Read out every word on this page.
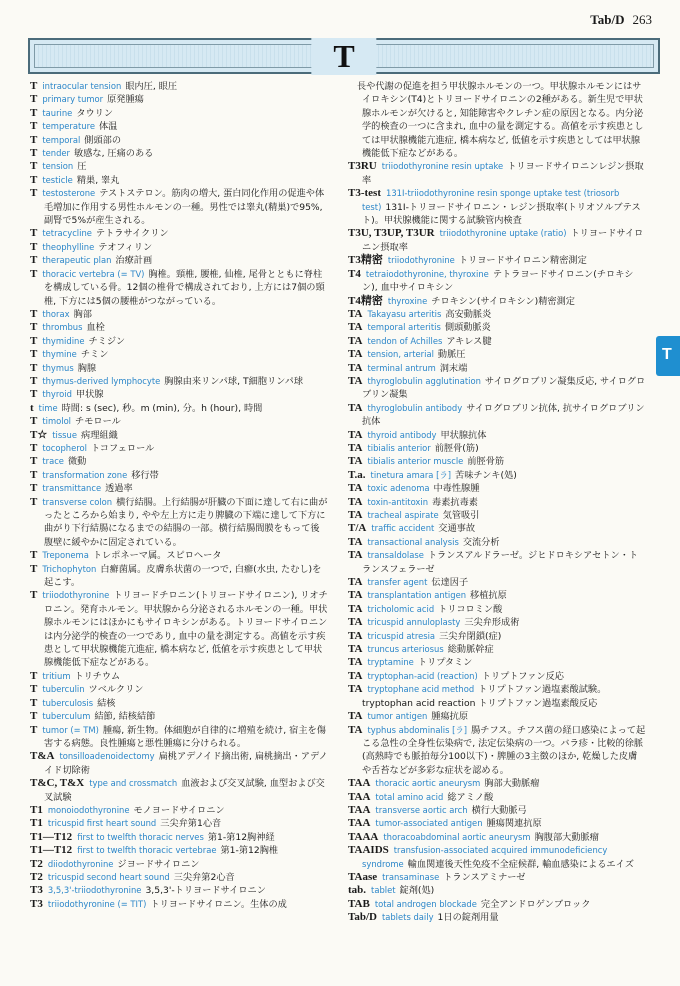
Tab/D 263
T
T

T intraocular tension 眼内圧, 眼圧

T primary tumor 原発腫瘍

T taurine タウリン

T temperature 体温

T temporal 側頭部の

T tender 敏感な, 圧痛のある

T tension 圧

T testicle 精巣, 睾丸

T testosterone テストステロン。筋肉の増大, 蛋白同化作用の促進や体毛増加に作用する男性ホルモンの一種。男性では睾丸(精巣)で95%, 副腎で5%が産生される。

T tetracycline テトラサイクリン

T theophylline テオフィリン

T therapeutic plan 治療計画

T thoracic vertebra (= TV) 胸椎。頸椎, 腰椎, 仙椎, 尾骨とともに脊柱を構成している骨。12個の椎骨で構成されており, 上方には7個の頸椎, 下方には5個の腰椎がつながっている。

T thorax 胸部

T thrombus 血栓

T thymidine チミジン

T thymine チミン

T thymus 胸腺

T thymus-derived lymphocyte 胸腺由来リンパ球, T細胞リンパ球

T thyroid 甲状腺

t time 時間: s (sec), 秒。m (min), 分。h (hour), 時間

T timolol チモロール

T☆ tissue 病理組織

T tocopherol トコフェロール

T trace 微動

T transformation zone 移行帯

T transmittance 透過率

T transverse colon 横行結腸。上行結腸が肝臓の下面に達して右に曲がったところから始まり, やや左上方に走り脾臓の下端に達して下方に曲がり下行結腸になるまでの結腸の一部。横行結腸間膜をもって後腹壁に緩やかに固定されている。

T Treponema トレポネーマ属。スピロヘータ

T Trichophyton 白癬菌属。皮膚糸状菌の一つで, 白癬(水虫, たむし)を起こす。

T triiodothyronine トリヨードチロニン(トリヨードサイロニン), リオチロニン。発育ホルモン。甲状腺から分泌されるホルモンの一種。甲状腺ホルモンにはほかにもサイロキシンがある。トリヨードサイロニンは内分泌学的検査の一つであり, 血中の量を測定する。高値を示す疾患として甲状腺機能亢進症, 橋本病など, 低値を示す疾患として甲状腺機能低下症などがある。

T tritium トリチウム

T tuberculin ツベルクリン

T tuberculosis 結核

T tuberculum 結節, 結核結節

T tumor (= TM) 腫瘍, 新生物。体細胞が自律的に増殖を続け, 宿主を傷害する病態。良性腫瘍と悪性腫瘍に分けられる。

T&A tonsilloadenoidectomy 扁桃アデノイド摘出術, 扁桃摘出・アデノイド切除術

T&C, T&X type and crossmatch 血液および交叉試験, 血型および交叉試験

T1 monoiodothyronine モノヨードサイロニン

T1 tricuspid first heart sound 三尖弁第1心音

T1—T12 first to twelfth thoracic nerves 第1-第12胸神経

T1—T12 first to twelfth thoracic vertebrae 第1-第12胸椎

T2 diiodothyronine ジヨードサイロニン

T2 tricuspid second heart sound 三尖弁第2心音

T3 3,5,3'-triiodothyronine 3,5,3'-トリヨードサイロニン

T3 triiodothyronine (= TIT) トリヨードサイロニン。生体の成

長や代謝の促進を担う甲状腺ホルモンの一つ。甲状腺ホルモンにはサイロキシン(T4)とトリヨードサイロニンの2種がある。新生児で甲状腺ホルモンが欠けると, 知能障害やクレチン症の原因となる。内分泌学的検査の一つに含まれ, 血中の量を測定する。高値を示す疾患としては甲状腺機能亢進症, 橋本病など, 低値を示す疾患としては甲状腺機能低下症などがある。

T3RU triiodothyronine resin uptake トリヨードサイロニンレジン摂取率

T3-test 131I-triiodothyronine resin sponge uptake test (triosorb test) 131I-トリヨードサイロニン・レジン摂取率(トリオソルブテスト)。甲状腺機能に関する試験管内検査

T3U, T3UP, T3UR triiodothyronine uptake (ratio) トリヨードサイロニン摂取率

T3精密 triiodothyronine トリヨードサイロニン精密測定

T4 tetraiodothyronine, thyroxine テトラヨードサイロニン(チロキシン), 血中サイロキシン

T4精密 thyroxine チロキシン(サイロキシン)精密測定

TA Takayasu arteritis 高安動脈炎

TA temporal arteritis 側頭動脈炎

TA tendon of Achilles アキレス腱

TA tension, arterial 動脈圧

TA terminal antrum 洞末端

TA thyroglobulin agglutination サイログロブリン凝集反応, サイログロブリン凝集

TA thyroglobulin antibody サイログロブリン抗体, 抗サイログロブリン抗体

TA thyroid antibody 甲状腺抗体

TA tibialis anterior 前脛骨(筋)

TA tibialis anterior muscle 前脛骨筋

T.a. tinetura amara [ラ] 苦味チンキ(処)

TA toxic adenoma 中毒性腺腫

TA toxin-antitoxin 毒素抗毒素

TA tracheal aspirate 気管吸引

T/A traffic accident 交通事故

TA transactional analysis 交流分析

TA transaldolase トランスアルドラーゼ。ジヒドロキシアセトン・トランスフェラーゼ

TA transfer agent 伝達因子

TA transplantation antigen 移植抗原

TA tricholomic acid トリコロミン酸

TA tricuspid annuloplasty 三尖弁形成術

TA tricuspid atresia 三尖弁閉鎖(症)

TA truncus arteriosus 総動脈幹症

TA tryptamine トリプタミン

TA tryptophan-acid (reaction) トリプトファン反応

TA tryptophane acid method トリプトファン過塩素酸試験。tryptophan acid reaction トリプトファン過塩素酸反応

TA tumor antigen 腫瘍抗原

TA typhus abdominalis [ラ] 腸チフス。チフス菌の経口感染によって起こる急性の全身性伝染病で, 法定伝染病の一つ。バラ疹・比較的徐脈(高熱時でも脈拍毎分100以下)・脾腫の3主徴のほか, 乾燥した皮膚や舌苔などが多彩な症状を認める。

TAA thoracic aortic aneurysm 胸部大動脈瘤

TAA total amino acid 総アミノ酸

TAA transverse aortic arch 横行大動脈弓

TAA tumor-associated antigen 腫瘍関連抗原

TAAA thoracoabdominal aortic aneurysm 胸腹部大動脈瘤

TAAIDS transfusion-associated acquired immunodeficiency syndrome 輸血関連後天性免疫不全症候群, 輸血感染によるエイズ

TAase transaminase トランスアミナーゼ

tab. tablet 錠剤(処)

TAB total androgen blockade 完全アンドロゲンブロック

Tab/D tablets daily 1日の錠剤用量
